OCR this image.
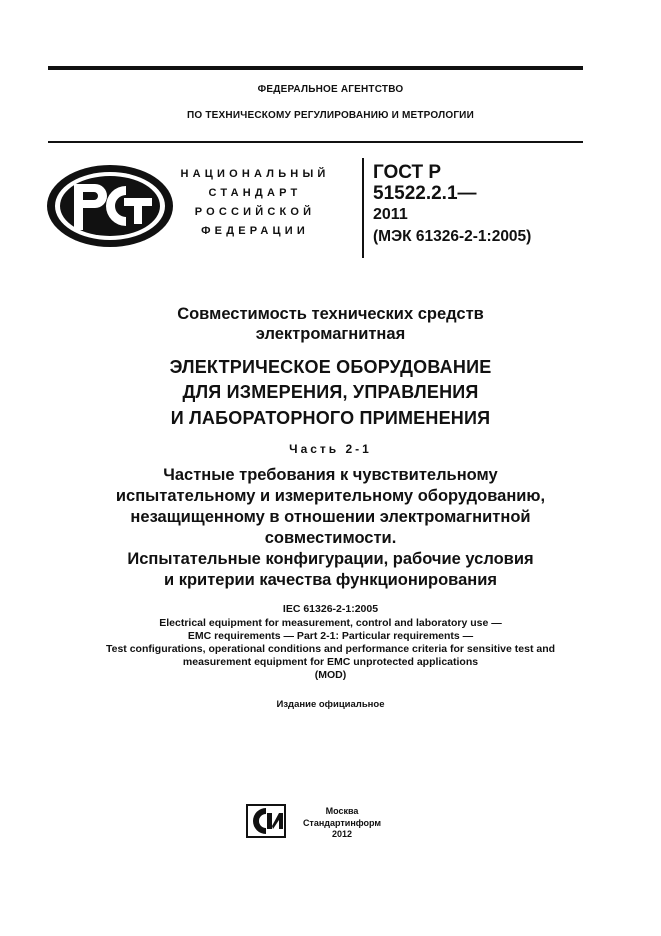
ФЕДЕРАЛЬНОЕ АГЕНТСТВО
ПО ТЕХНИЧЕСКОМУ РЕГУЛИРОВАНИЮ И МЕТРОЛОГИИ
НАЦИОНАЛЬНЫЙ
СТАНДАРТ
РОССИЙСКОЙ
ФЕДЕРАЦИИ
ГОСТ Р
51522.2.1—
2011
(МЭК 61326-2-1:2005)
Совместимость технических средств
электромагнитная
ЭЛЕКТРИЧЕСКОЕ ОБОРУДОВАНИЕ
ДЛЯ ИЗМЕРЕНИЯ, УПРАВЛЕНИЯ
И ЛАБОРАТОРНОГО ПРИМЕНЕНИЯ
Часть 2-1
Частные требования к чувствительному
испытательному и измерительному оборудованию,
незащищенному в отношении электромагнитной
совместимости.
Испытательные конфигурации, рабочие условия
и критерии качества функционирования
IEC 61326-2-1:2005
Electrical equipment for measurement, control and laboratory use —
EMC requirements — Part 2-1: Particular requirements —
Test configurations, operational conditions and performance criteria for sensitive test and
measurement equipment for EMC unprotected applications
(MOD)
Издание официальное
Москва
Стандартинформ
2012
